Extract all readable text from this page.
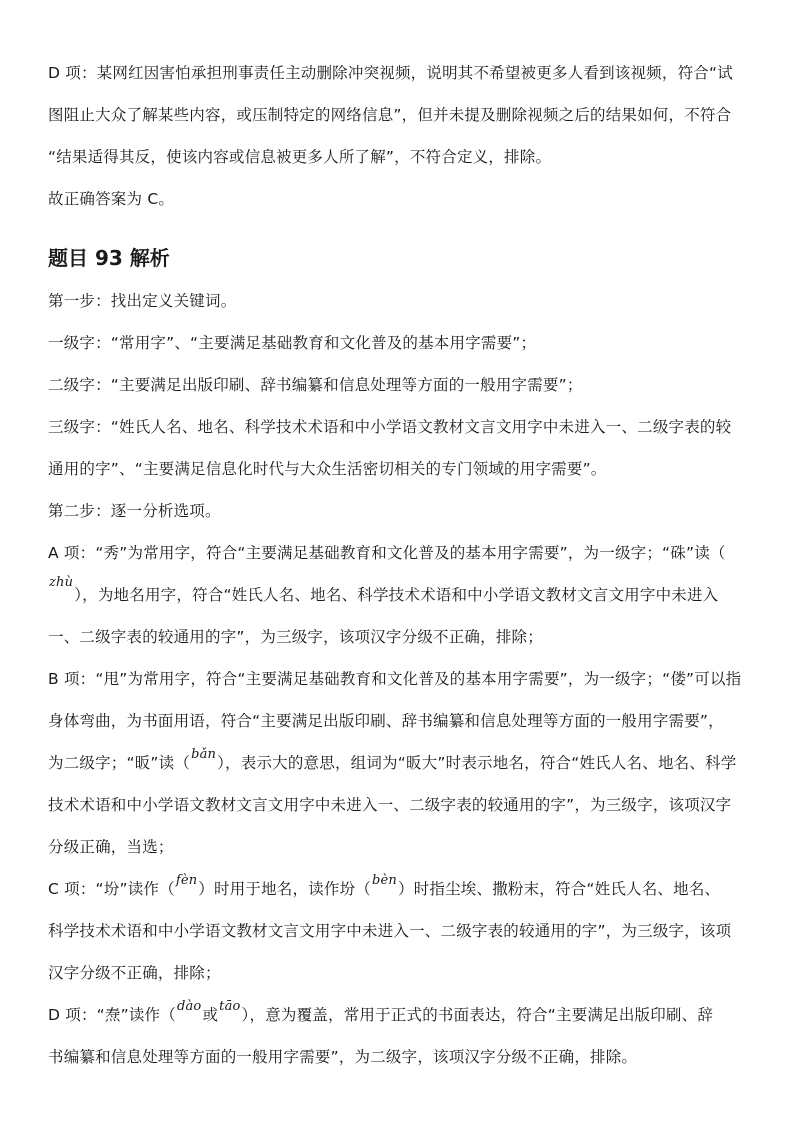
D 项：某网红因害怕承担刑事责任主动删除冲突视频，说明其不希望被更多人看到该视频，符合“试
图阻止大众了解某些内容，或压制特定的网络信息”，但并未提及删除视频之后的结果如何，不符合
“结果适得其反，使该内容或信息被更多人所了解”，不符合定义，排除。
故正确答案为 C。
题目 93 解析
第一步：找出定义关键词。
一级字：“常用字”、“主要满足基础教育和文化普及的基本用字需要”；
二级字：“主要满足出版印刷、辞书编纂和信息处理等方面的一般用字需要”；
三级字：“姓氏人名、地名、科学技术术语和中小学语文教材文言文用字中未进入一、二级字表的较
通用的字”、“主要满足信息化时代与大众生活密切相关的专门领域的用字需要”。
第二步：逐一分析选项。
A 项：“秀”为常用字，符合“主要满足基础教育和文化普及的基本用字需要”，为一级字；“硃”读（
zhù），为地名用字，符合“姓氏人名、地名、科学技术术语和中小学语文教材文言文用字中未进入
一、二级字表的较通用的字”，为三级字，该项汉字分级不正确，排除；
B 项：“甩”为常用字，符合“主要满足基础教育和文化普及的基本用字需要”，为一级字；“偻”可以指
身体弯曲，为书面用语，符合“主要满足出版印刷、辞书编纂和信息处理等方面的一般用字需要”，
为二级字；“昄”读（bǎn），表示大的意思，组词为“昄大”时表示地名，符合“姓氏人名、地名、科学
技术术语和中小学语文教材文言文用字中未进入一、二级字表的较通用的字”，为三级字，该项汉字
分级正确，当选；
C 项：“坋”读作（fèn）时用于地名，读作坋（bèn）时指尘埃、撒粉末，符合“姓氏人名、地名、
科学技术术语和中小学语文教材文言文用字中未进入一、二级字表的较通用的字”，为三级字，该项
汉字分级不正确，排除；
D 项：“焘”读作（dào或tāo），意为覆盖，常用于正式的书面表达，符合“主要满足出版印刷、辞
书编纂和信息处理等方面的一般用字需要”，为二级字，该项汉字分级不正确，排除。
